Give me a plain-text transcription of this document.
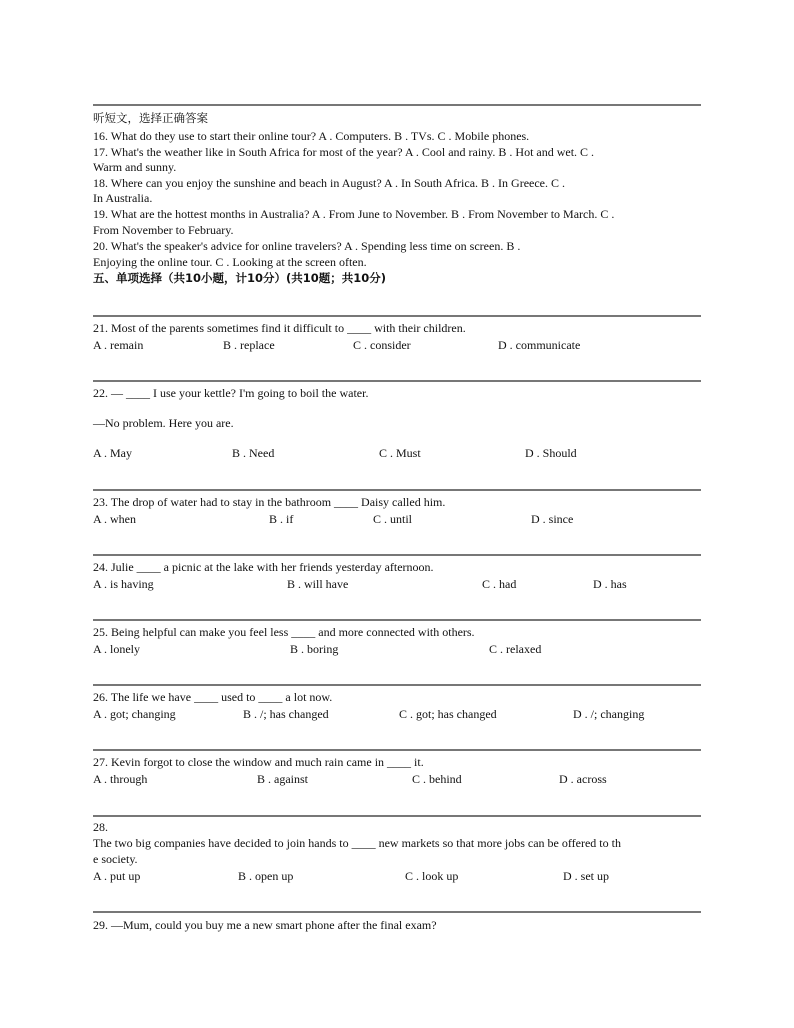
听短文，选择正确答案
16. What do they use to start their online tour? A . Computers. B . TVs. C . Mobile phones.
17. What's the weather like in South Africa for most of the year? A . Cool and rainy. B . Hot and wet. C .
Warm and sunny.
18. Where can you enjoy the sunshine and beach in August? A . In South Africa. B . In Greece. C .
In Australia.
19. What are the hottest months in Australia? A . From June to November. B . From November to March. C .
From November to February.
20. What's the speaker's advice for online travelers? A . Spending less time on screen. B .
Enjoying the online tour. C . Looking at the screen often.
五、单项选择（共10小题，计10分）(共10题；共10分)
21. Most of the parents sometimes find it difficult to ____ with their children.
A . remain	B . replace	C . consider	D . communicate
22. — ____ I use your kettle? I'm going to boil the water.
—No problem. Here you are.
A . May	B . Need	C . Must	D . Should
23. The drop of water had to stay in the bathroom ____ Daisy called him.
A . when	B . if	C . until	D . since
24. Julie ____ a picnic at the lake with her friends yesterday afternoon.
A . is having	B . will have	C . had	D . has
25. Being helpful can make you feel less ____ and more connected with others.
A . lonely	B . boring	C . relaxed
26. The life we have ____ used to ____ a lot now.
A . got; changing	B . /; has changed	C . got; has changed	D . /; changing
27. Kevin forgot to close the window and much rain came in ____ it.
A . through	B . against	C . behind	D . across
28.
The two big companies have decided to join hands to ____ new markets so that more jobs can be offered to th
e society.
A . put up	B . open up	C . look up	D . set up
29. —Mum, could you buy me a new smart phone after the final exam?
